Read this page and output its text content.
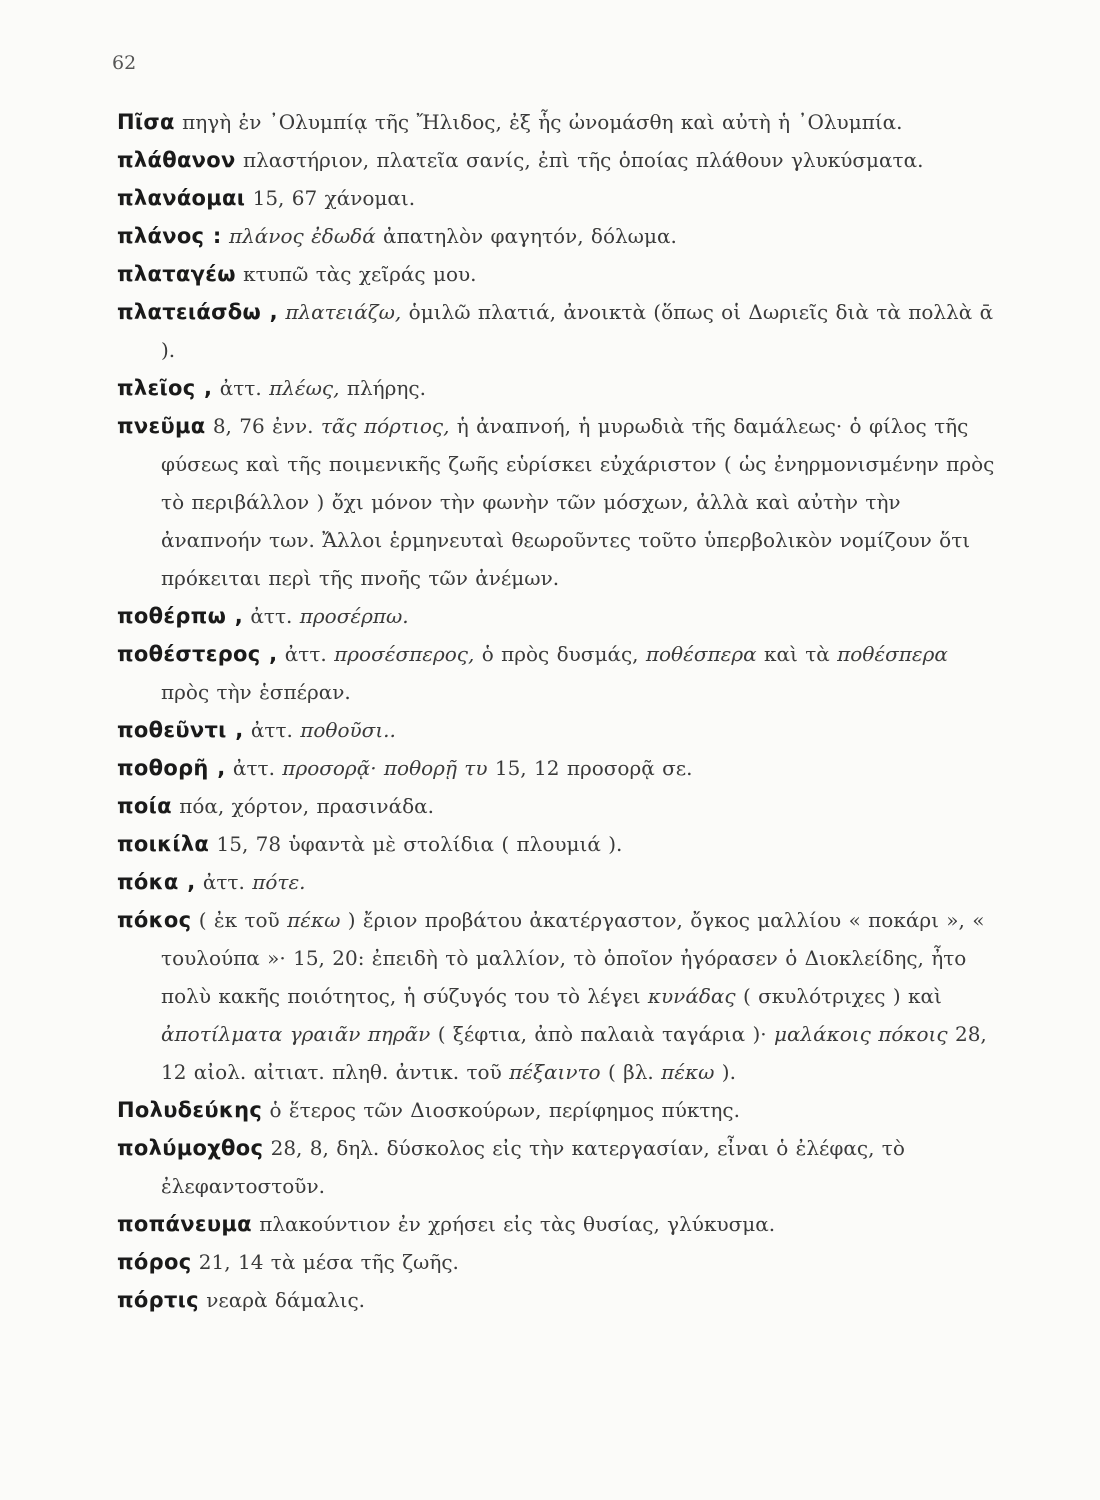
62

Πῖσα πηγὴ ἐν ᾿Ολυμπίᾳ τῆς Ἤλιδος, ἐξ ἧς ὠνομάσθη καὶ αὐτὴ ἡ ᾿Ολυμπία.

πλάθανον πλαστήριον, πλατεῖα σανίς, ἐπὶ τῆς ὁποίας πλάθουν γλυκύσματα.

πλανάομαι 15, 67 χάνομαι.

πλάνος : πλάνος ἐδωδά ἀπατηλὸν φαγητόν, δόλωμα.

πλαταγέω κτυπῶ τὰς χεῖράς μου.

πλατειάσδω , πλατειάζω, ὁμιλῶ πλατιά, ἀνοικτὰ (ὅπως οἱ Δωριεῖς διὰ τὰ πολλὰ ᾱ ).

πλεῖος , ἀττ. πλέως, πλήρης.

πνεῦμα 8, 76 ἐνν. τᾶς πόρτιος, ἡ ἀναπνοή, ἡ μυρωδιὰ τῆς δαμάλεως· ὁ φίλος τῆς φύσεως καὶ τῆς ποιμενικῆς ζωῆς εὑρίσκει εὐχάριστον ( ὡς ἐνηρμονισμένην πρὸς τὸ περιβάλλον ) ὄχι μόνον τὴν φωνὴν τῶν μόσχων, ἀλλὰ καὶ αὐτὴν τὴν ἀναπνοήν των. Ἄλλοι ἑρμηνευταὶ θεωροῦντες τοῦτο ὑπερβολικὸν νομίζουν ὅτι πρόκειται περὶ τῆς πνοῆς τῶν ἀνέμων.

ποθέρπω , ἀττ. προσέρπω.

ποθέστερος , ἀττ. προσέσπερος, ὁ πρὸς δυσμάς, ποθέσπερα καὶ τὰ ποθέσπερα πρὸς τὴν ἑσπέραν.

ποθεῦντι , ἀττ. ποθοῦσι..

ποθορῆ , ἀττ. προσορᾷ· ποθορῇ τυ 15, 12 προσορᾷ σε.

ποία πόα, χόρτον, πρασινάδα.

ποικίλα 15, 78 ὑφαντὰ μὲ στολίδια ( πλουμιά ).

πόκα , ἀττ. πότε.

πόκος ( ἐκ τοῦ πέκω ) ἔριον προβάτου ἀκατέργαστον, ὄγκος μαλλίου « ποκάρι », « τουλούπα »· 15, 20: ἐπειδὴ τὸ μαλλίον, τὸ ὁποῖον ἠγόρασεν ὁ Διοκλείδης, ἦτο πολὺ κακῆς ποιότητος, ἡ σύζυγός του τὸ λέγει κυνάδας ( σκυλότριχες ) καὶ ἀποτίλματα γραιᾶν πηρᾶν ( ξέφτια, ἀπὸ παλαιὰ ταγάρια )· μαλάκοις πόκοις 28, 12 αἰολ. αἰτιατ. πληθ. ἀντικ. τοῦ πέξαιντο ( βλ. πέκω ).

Πολυδεύκης ὁ ἕτερος τῶν Διοσκούρων, περίφημος πύκτης.

πολύμοχθος 28, 8, δηλ. δύσκολος εἰς τὴν κατεργασίαν, εἶναι ὁ ἐλέφας, τὸ ἐλεφαντοστοῦν.

ποπάνευμα πλακούντιον ἐν χρήσει εἰς τὰς θυσίας, γλύκυσμα.

πόρος 21, 14 τὰ μέσα τῆς ζωῆς.

πόρτις νεαρὰ δάμαλις.
